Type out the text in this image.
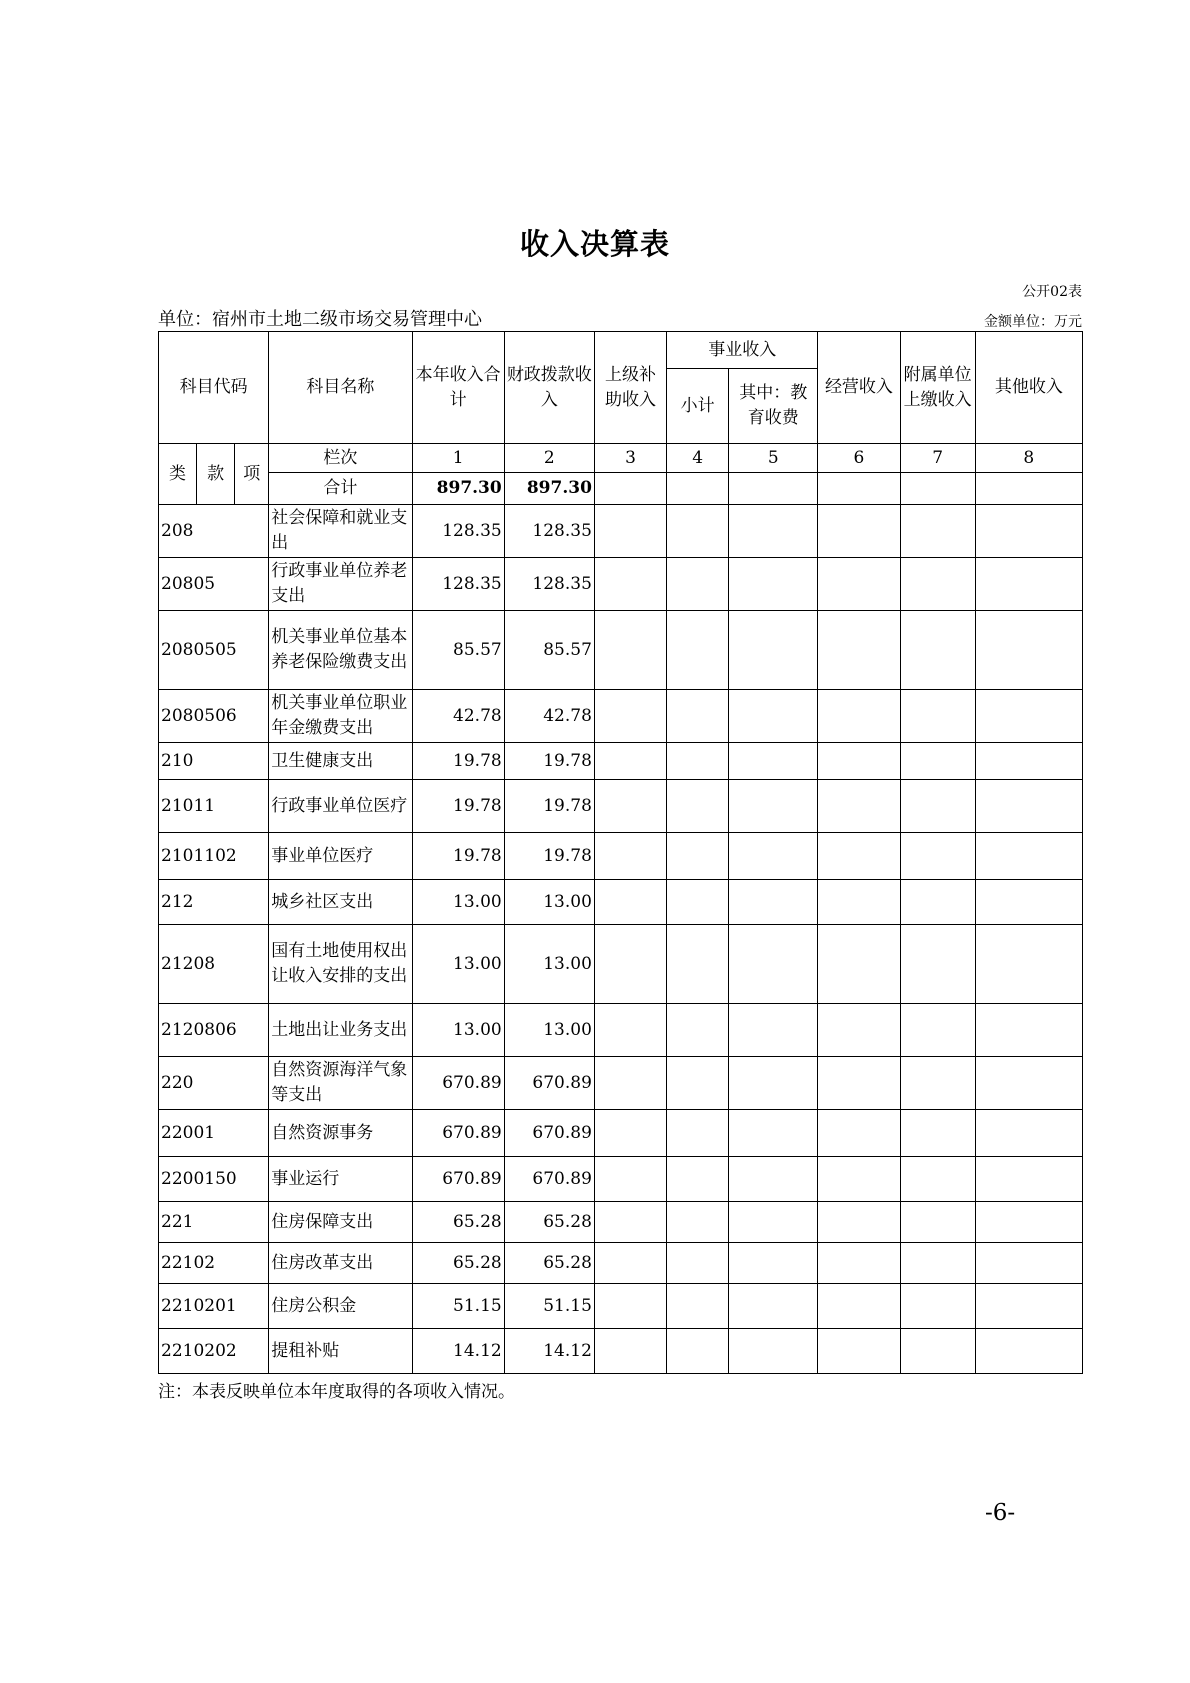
收入决算表
公开02表
单位：宿州市土地二级市场交易管理中心	金额单位：万元
科目代码			科目名称	本年收入合计	财政拨款收入	上级补助收入	事业收入		经营收入	附属单位上缴收入	其他收入
							小计	其中：教育收费			
类	款	项	栏次	1	2	3	4	5	6	7	8
			合计	897.30	897.30						
208			社会保障和就业支出	128.35	128.35						
20805			行政事业单位养老支出	128.35	128.35						
2080505			机关事业单位基本养老保险缴费支出	85.57	85.57						
2080506			机关事业单位职业年金缴费支出	42.78	42.78						
210			卫生健康支出	19.78	19.78						
21011			行政事业单位医疗	19.78	19.78						
2101102			事业单位医疗	19.78	19.78						
212			城乡社区支出	13.00	13.00						
21208			国有土地使用权出让收入安排的支出	13.00	13.00						
2120806			土地出让业务支出	13.00	13.00						
220			自然资源海洋气象等支出	670.89	670.89						
22001			自然资源事务	670.89	670.89						
2200150			事业运行	670.89	670.89						
221			住房保障支出	65.28	65.28						
22102			住房改革支出	65.28	65.28						
2210201			住房公积金	51.15	51.15						
2210202			提租补贴	14.12	14.12						
注：本表反映单位本年度取得的各项收入情况。
-6-
